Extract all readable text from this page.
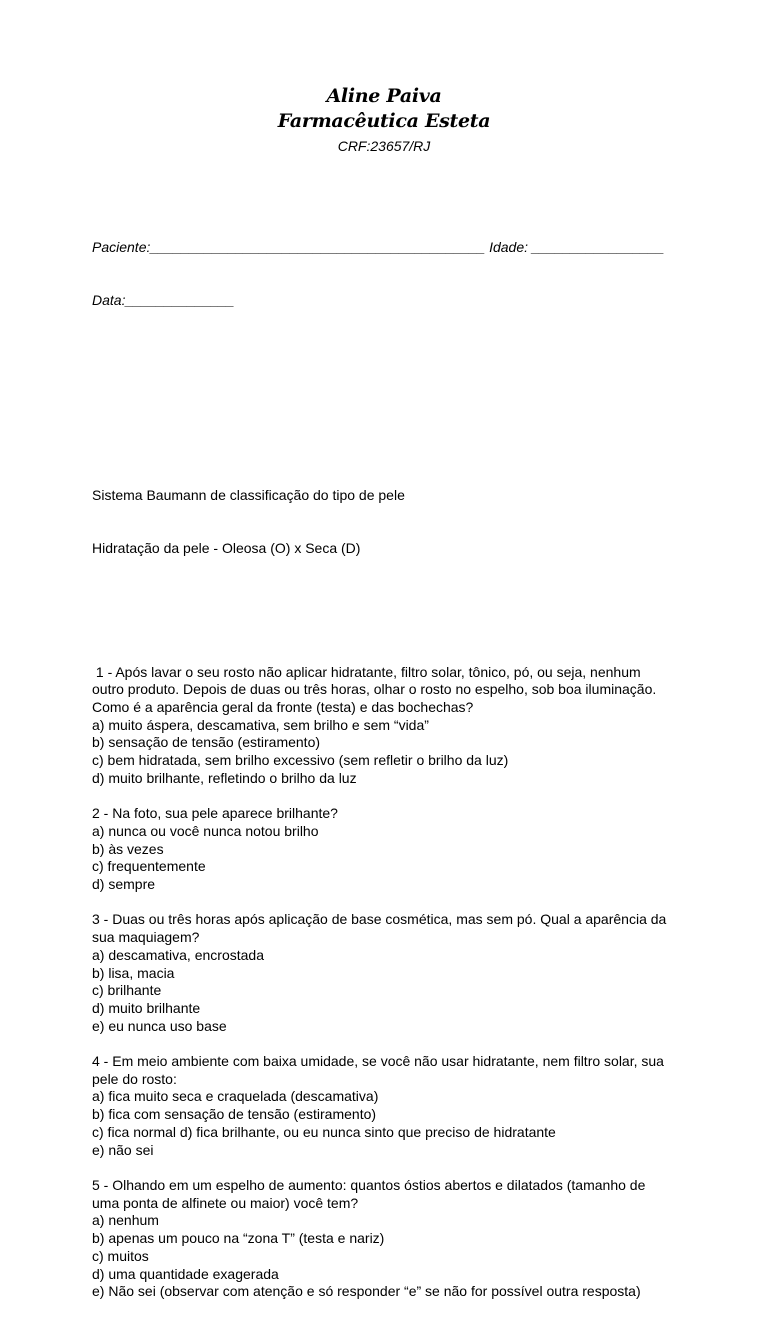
Aline Paiva
Farmacêutica Esteta
CRF:23657/RJ

Paciente:___________________________________________ Idade: _________________

Data:______________

Sistema Baumann de classificação do tipo de pele

Hidratação da pele - Oleosa (O) x Seca (D)

1 - Após lavar o seu rosto não aplicar hidratante, filtro solar, tônico, pó, ou seja, nenhum
outro produto. Depois de duas ou três horas, olhar o rosto no espelho, sob boa iluminação.
Como é a aparência geral da fronte (testa) e das bochechas?
a) muito áspera, descamativa, sem brilho e sem “vida”
b) sensação de tensão (estiramento)
c) bem hidratada, sem brilho excessivo (sem refletir o brilho da luz)
d) muito brilhante, refletindo o brilho da luz
2 - Na foto, sua pele aparece brilhante?
a) nunca ou você nunca notou brilho
b) às vezes
c) frequentemente
d) sempre
3 - Duas ou três horas após aplicação de base cosmética, mas sem pó. Qual a aparência da
sua maquiagem?
a) descamativa, encrostada
b) lisa, macia
c) brilhante
d) muito brilhante
e) eu nunca uso base
4 - Em meio ambiente com baixa umidade, se você não usar hidratante, nem filtro solar, sua
pele do rosto:
a) fica muito seca e craquelada (descamativa)
b) fica com sensação de tensão (estiramento)
c) fica normal d) fica brilhante, ou eu nunca sinto que preciso de hidratante
e) não sei
5 - Olhando em um espelho de aumento: quantos óstios abertos e dilatados (tamanho de
uma ponta de alfinete ou maior) você tem?
a) nenhum
b) apenas um pouco na “zona T” (testa e nariz)
c) muitos
d) uma quantidade exagerada
e) Não sei (observar com atenção e só responder “e” se não for possível outra resposta)
